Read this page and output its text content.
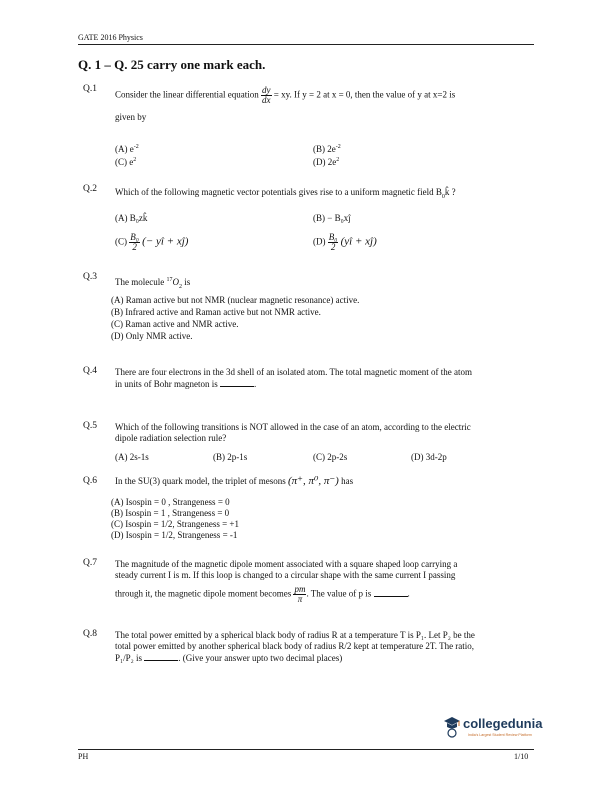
GATE 2016 Physics
Q. 1 – Q. 25 carry one mark each.
Q.1
Consider the linear differential equation $\frac{dy}{dx}$ = xy. If y = 2 at x = 0, then the value of y at x=2 is
given by
(A) $e^{-2}$	(B) $2e^{-2}$
(C) $e^2$	(D) $2e^2$
Q.2 Which of the following magnetic vector potentials gives rise to a uniform magnetic field $B_0k̂$ ?
(A) B₀zk̂	(B) − B₀xĵ
$(C) \frac{\text{B₀}}{2}$ (− yî + xĵ)	$(D) \frac{\text{B₀}}{2}$ (yî + xĵ)
Q.3 The molecule $^{17}O_2$ is
(A) Raman active but not NMR (nuclear magnetic resonance) active.
(B) Infrared active and Raman active but not NMR active.
(C) Raman active and NMR active.
(D) Only NMR active.
Q.4 There are four electrons in the 3d shell of an isolated atom. The total magnetic moment of the atom
in units of Bohr magneton is	.
Q.5 Which of the following transitions is NOT allowed in the case of an atom, according to the electric
dipole radiation selection rule?
(A) 2s-1s	(B) 2p-1s	(C) 2p-2s	(D) 3d-2p
Q.6 In the SU(3) quark model, the triplet of mesons (π⁺, π⁰, π⁻) has
(A) Isospin = 0 , Strangeness = 0
(B) Isospin = 1 , Strangeness = 0
(C) Isospin = 1/2, Strangeness = +1
(D) Isospin = 1/2, Strangeness = -1
Q.7 The magnitude of the magnetic dipole moment associated with a square shaped loop carrying a
steady current I is m. If this loop is changed to a circular shape with the same current I passing
through it, the magnetic dipole moment becomes $\frac{pm}{\pi}$ . The value of p is	.
Q.8 The total power emitted by a spherical black body of radius R at a temperature T is P₁. Let P₂ be the
total power emitted by another spherical black body of radius R/2 kept at temperature 2T. The ratio,
P₁/P₂ is	. (Give your answer upto two decimal places)
collegedunia
India's Largest Student Review Platform
PH	1/10
